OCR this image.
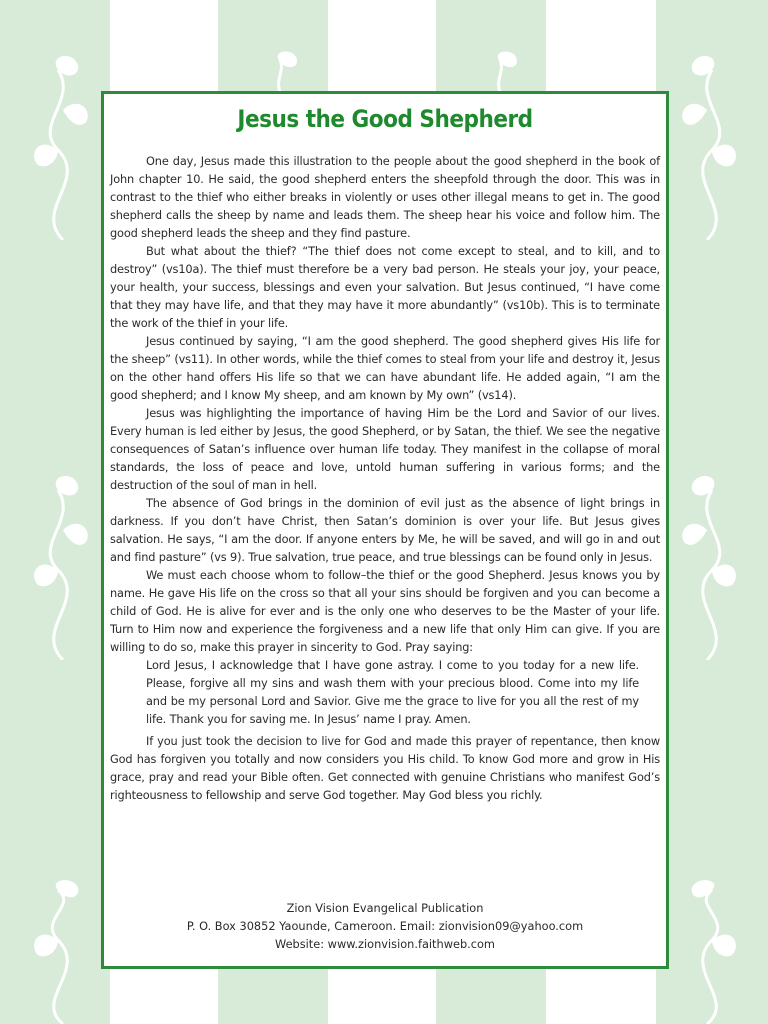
Jesus the Good Shepherd

One day, Jesus made this illustration to the people about the good shepherd in the book of John chapter 10. He said, the good shepherd enters the sheepfold through the door. This was in contrast to the thief who either breaks in violently or uses other illegal means to get in. The good shepherd calls the sheep by name and leads them. The sheep hear his voice and follow him. The good shepherd leads the sheep and they find pasture.

But what about the thief? “The thief does not come except to steal, and to kill, and to destroy” (vs10a). The thief must therefore be a very bad person. He steals your joy, your peace, your health, your success, blessings and even your salvation. But Jesus continued, “I have come that they may have life, and that they may have it more abundantly” (vs10b). This is to terminate the work of the thief in your life.

Jesus continued by saying, “I am the good shepherd. The good shepherd gives His life for the sheep” (vs11). In other words, while the thief comes to steal from your life and destroy it, Jesus on the other hand offers His life so that we can have abundant life. He added again, “I am the good shepherd; and I know My sheep, and am known by My own” (vs14).

Jesus was highlighting the importance of having Him be the Lord and Savior of our lives. Every human is led either by Jesus, the good Shepherd, or by Satan, the thief. We see the negative consequences of Satan’s influence over human life today. They manifest in the collapse of moral standards, the loss of peace and love, untold human suffering in various forms; and the destruction of the soul of man in hell.

The absence of God brings in the dominion of evil just as the absence of light brings in darkness. If you don’t have Christ, then Satan’s dominion is over your life. But Jesus gives salvation. He says, “I am the door. If anyone enters by Me, he will be saved, and will go in and out and find pasture” (vs 9). True salvation, true peace, and true blessings can be found only in Jesus.

We must each choose whom to follow–the thief or the good Shepherd. Jesus knows you by name. He gave His life on the cross so that all your sins should be forgiven and you can become a child of God. He is alive for ever and is the only one who deserves to be the Master of your life. Turn to Him now and experience the forgiveness and a new life that only Him can give. If you are willing to do so, make this prayer in sincerity to God. Pray saying:

Lord Jesus, I acknowledge that I have gone astray. I come to you today for a new life. Please, forgive all my sins and wash them with your precious blood. Come into my life and be my personal Lord and Savior. Give me the grace to live for you all the rest of my life. Thank you for saving me. In Jesus’ name I pray. Amen.

If you just took the decision to live for God and made this prayer of repentance, then know God has forgiven you totally and now considers you His child. To know God more and grow in His grace, pray and read your Bible often. Get connected with genuine Christians who manifest God’s righteousness to fellowship and serve God together. May God bless you richly.

Zion Vision Evangelical Publication
P. O. Box 30852 Yaounde, Cameroon. Email: zionvision09@yahoo.com
Website: www.zionvision.faithweb.com
